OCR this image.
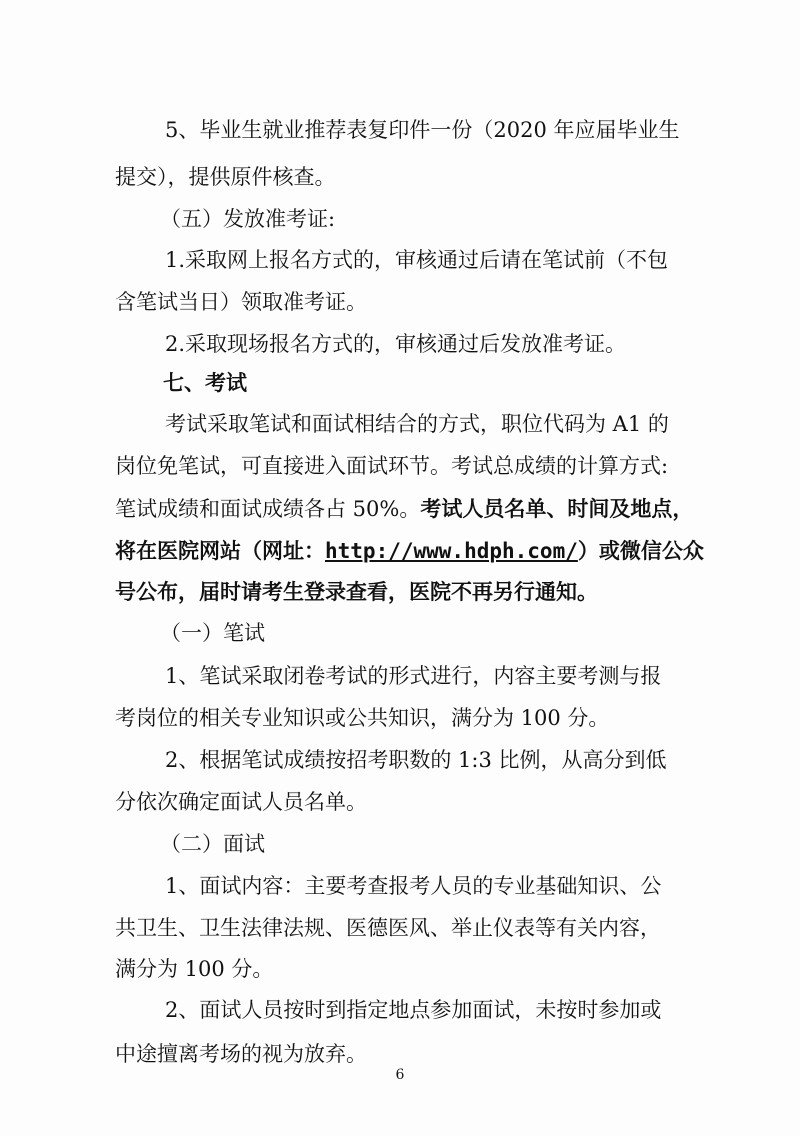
5、毕业生就业推荐表复印件一份（2020 年应届毕业生
提交），提供原件核查。
（五）发放准考证:
1.采取网上报名方式的，审核通过后请在笔试前（不包
含笔试当日）领取准考证。
2.采取现场报名方式的，审核通过后发放准考证。
七、考试
考试采取笔试和面试相结合的方式，职位代码为 A1 的
岗位免笔试，可直接进入面试环节。考试总成绩的计算方式:
笔试成绩和面试成绩各占 50%。考试人员名单、时间及地点，
将在医院网站（网址：http://www.hdph.com/）或微信公众
号公布，届时请考生登录查看，医院不再另行通知。
（一）笔试
1、笔试采取闭卷考试的形式进行，内容主要考测与报
考岗位的相关专业知识或公共知识，满分为 100 分。
2、根据笔试成绩按招考职数的 1:3 比例，从高分到低
分依次确定面试人员名单。
（二）面试
1、面试内容：主要考查报考人员的专业基础知识、公
共卫生、卫生法律法规、医德医风、举止仪表等有关内容，
满分为 100 分。
2、面试人员按时到指定地点参加面试，未按时参加或
中途擅离考场的视为放弃。
6
